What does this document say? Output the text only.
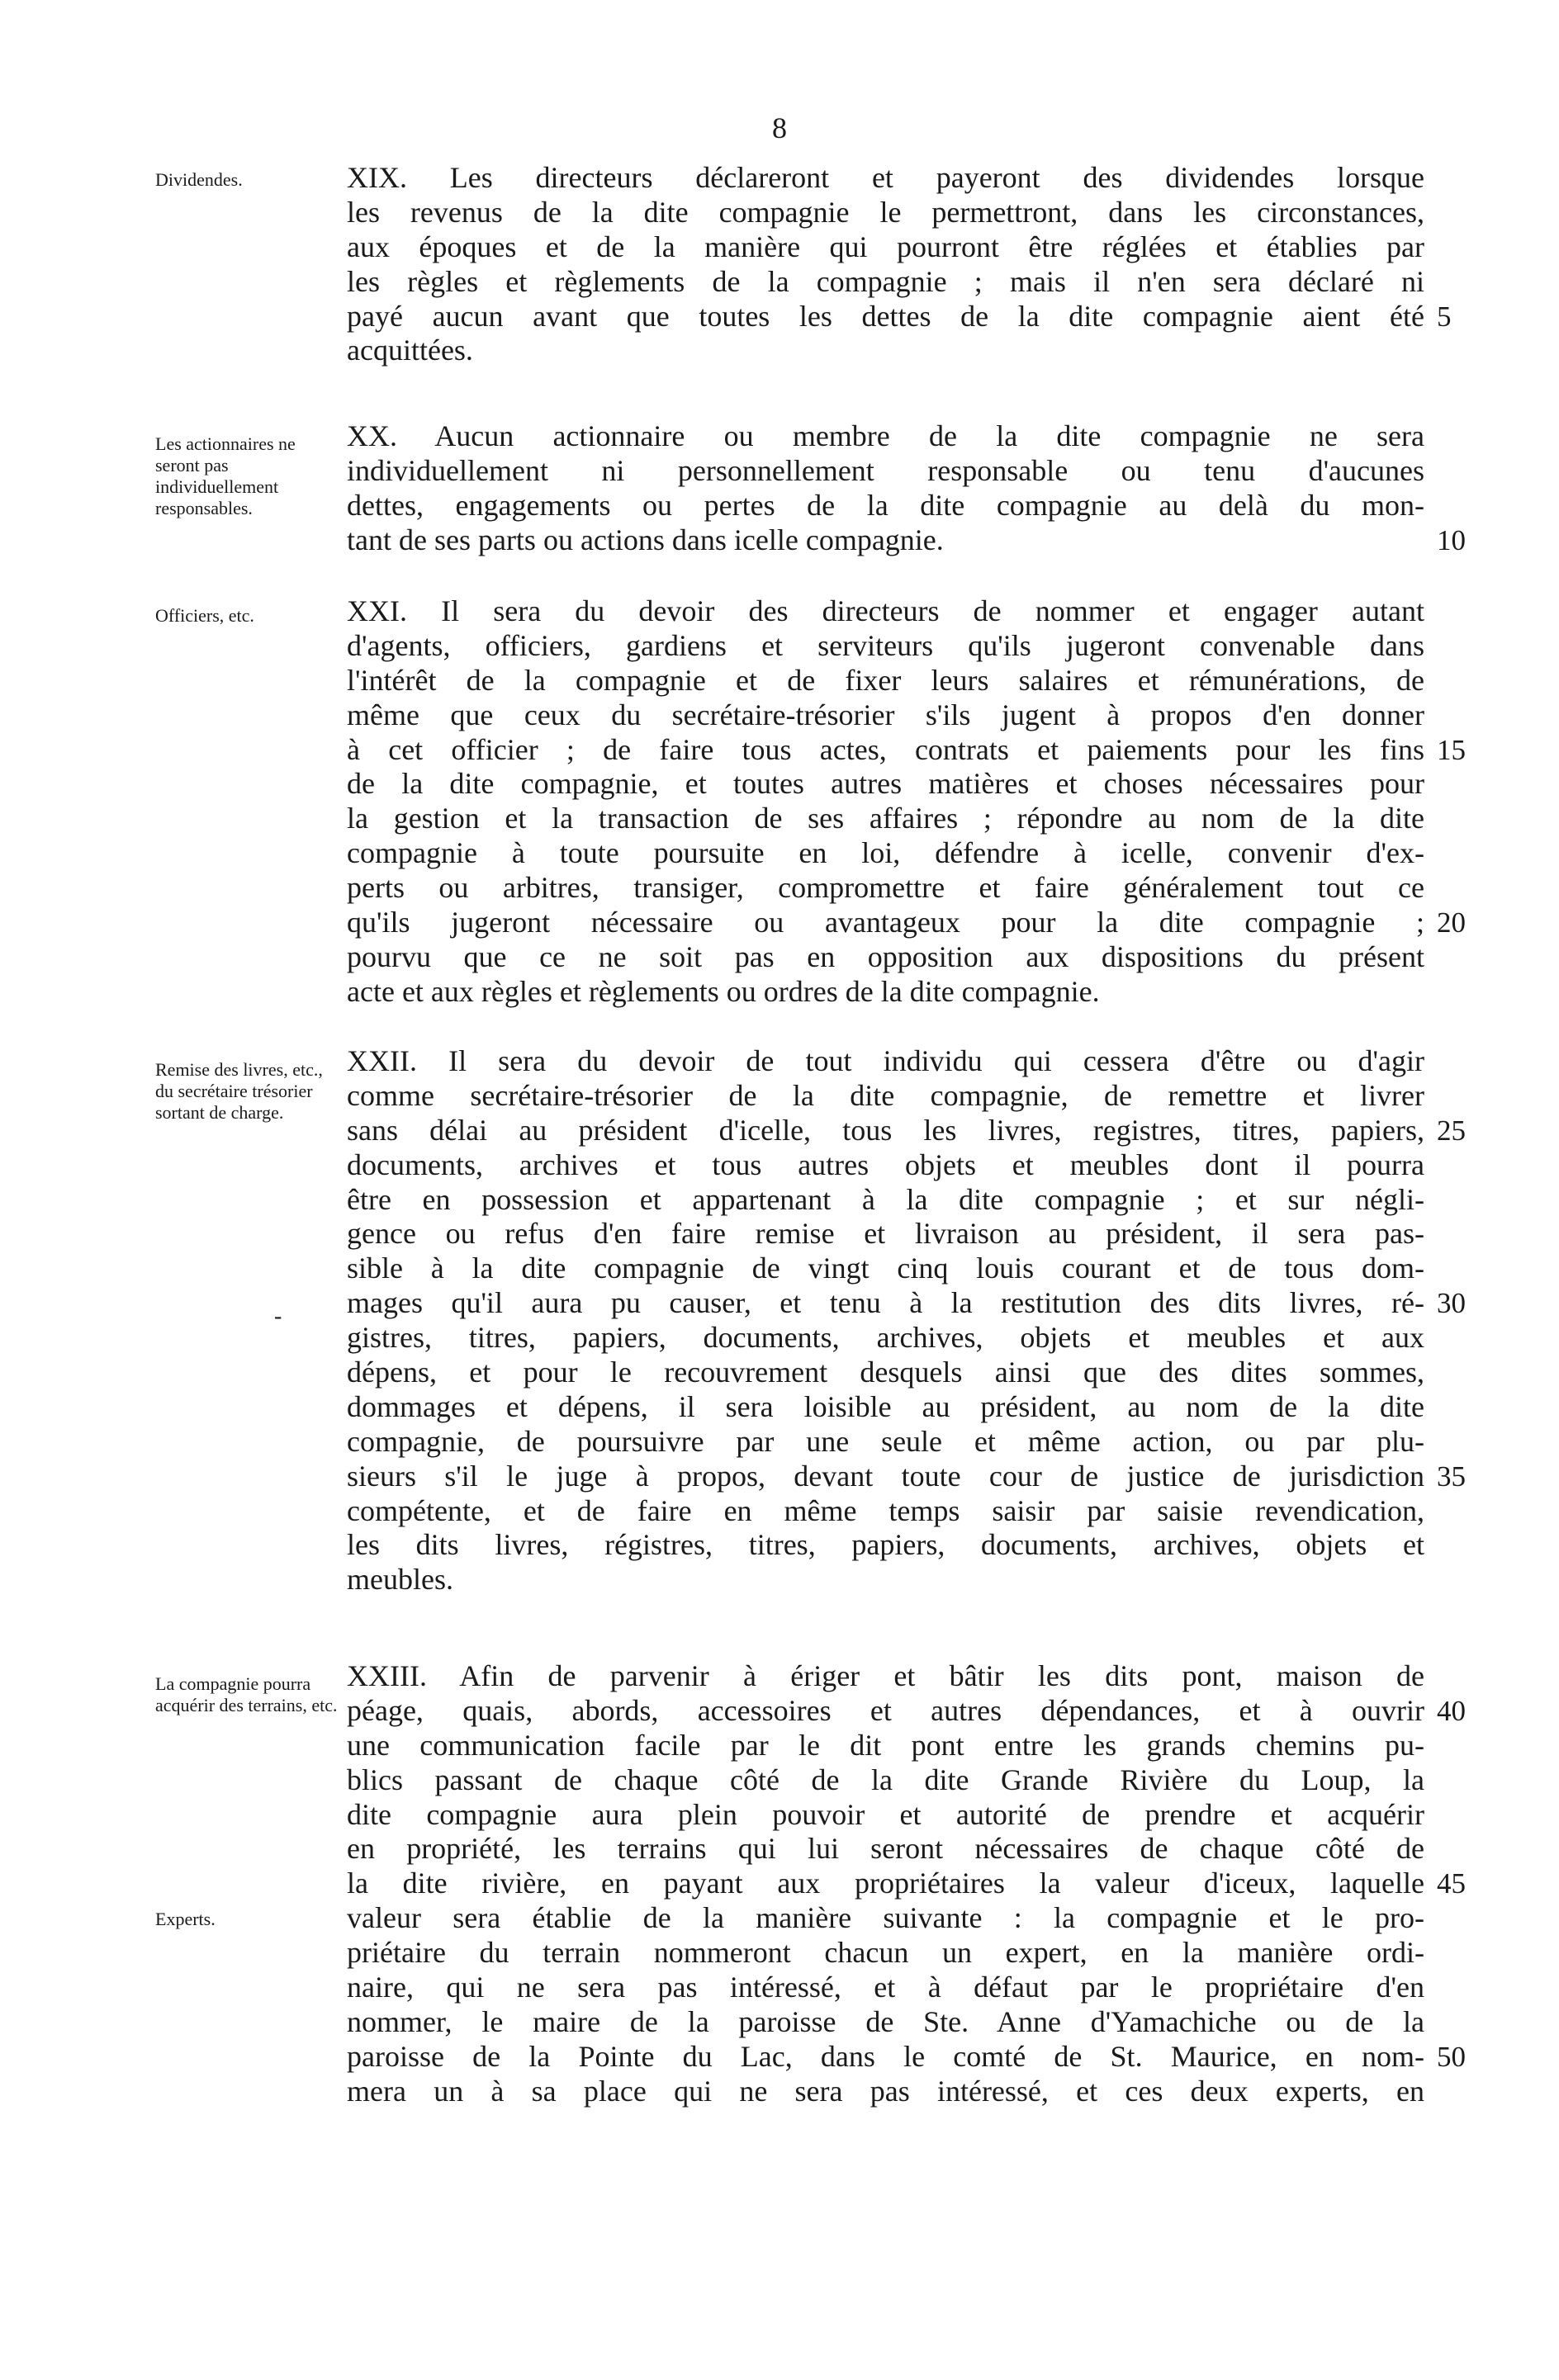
8
Dividendes.	XIX. Les directeurs déclareront et payeront des dividendes lorsque
les revenus de la dite compagnie le permettront, dans les circonstances,
aux époques et de la manière qui pourront être réglées et établies par
les règles et règlements de la compagnie ; mais il n'en sera déclaré ni
payé aucun avant que toutes les dettes de la dite compagnie aient été 5
acquittées.
Les actionnaires ne seront pas individuellement responsables.
XX. Aucun actionnaire ou membre de la dite compagnie ne sera
individuellement ni personnellement responsable ou tenu d'aucunes
dettes, engagements ou pertes de la dite compagnie au delà du mon-
tant de ses parts ou actions dans icelle compagnie.	10
Officiers, etc.	XXI. Il sera du devoir des directeurs de nommer et engager autant
d'agents, officiers, gardiens et serviteurs qu'ils jugeront convenable dans
l'intérêt de la compagnie et de fixer leurs salaires et rémunérations, de
même que ceux du secrétaire-trésorier s'ils jugent à propos d'en donner
à cet officier ; de faire tous actes, contrats et paiements pour les fins 15
de la dite compagnie, et toutes autres matières et choses nécessaires pour
la gestion et la transaction de ses affaires ; répondre au nom de la dite
compagnie à toute poursuite en loi, défendre à icelle, convenir d'ex-
perts ou arbitres, transiger, compromettre et faire généralement tout ce
qu'ils jugeront nécessaire ou avantageux pour la dite compagnie ; 20
pourvu que ce ne soit pas en opposition aux dispositions du présent
acte et aux règles et règlements ou ordres de la dite compagnie.
Remise des livres, etc., du secrétaire trésorier sortant de charge.
XXII. Il sera du devoir de tout individu qui cessera d'être ou d'agir
comme secrétaire-trésorier de la dite compagnie, de remettre et livrer
sans délai au président d'icelle, tous les livres, registres, titres, papiers, 25
documents, archives et tous autres objets et meubles dont il pourra
être en possession et appartenant à la dite compagnie ; et sur négli-
gence ou refus d'en faire remise et livraison au président, il sera pas-
sible à la dite compagnie de vingt cinq louis courant et de tous dom-
mages qu'il aura pu causer, et tenu à la restitution des dits livres, ré- 30
gistres, titres, papiers, documents, archives, objets et meubles et aux
dépens, et pour le recouvrement desquels ainsi que des dites sommes,
dommages et dépens, il sera loisible au président, au nom de la dite
compagnie, de poursuivre par une seule et même action, ou par plu-
sieurs s'il le juge à propos, devant toute cour de justice de jurisdiction 35
compétente, et de faire en même temps saisir par saisie revendication,
les dits livres, régistres, titres, papiers, documents, archives, objets et
meubles.
-
La compagnie pourra acquérir des terrains, etc.
Experts.
XXIII. Afin de parvenir à ériger et bâtir les dits pont, maison de
péage, quais, abords, accessoires et autres dépendances, et à ouvrir 40
une communication facile par le dit pont entre les grands chemins pu-
blics passant de chaque côté de la dite Grande Rivière du Loup, la
dite compagnie aura plein pouvoir et autorité de prendre et acquérir
en propriété, les terrains qui lui seront nécessaires de chaque côté de
la dite rivière, en payant aux propriétaires la valeur d'iceux, laquelle 45
valeur sera établie de la manière suivante : la compagnie et le pro-
priétaire du terrain nommeront chacun un expert, en la manière ordi-
naire, qui ne sera pas intéressé, et à défaut par le propriétaire d'en
nommer, le maire de la paroisse de Ste. Anne d'Yamachiche ou de la
paroisse de la Pointe du Lac, dans le comté de St. Maurice, en nom- 50
mera un à sa place qui ne sera pas intéressé, et ces deux experts, en
